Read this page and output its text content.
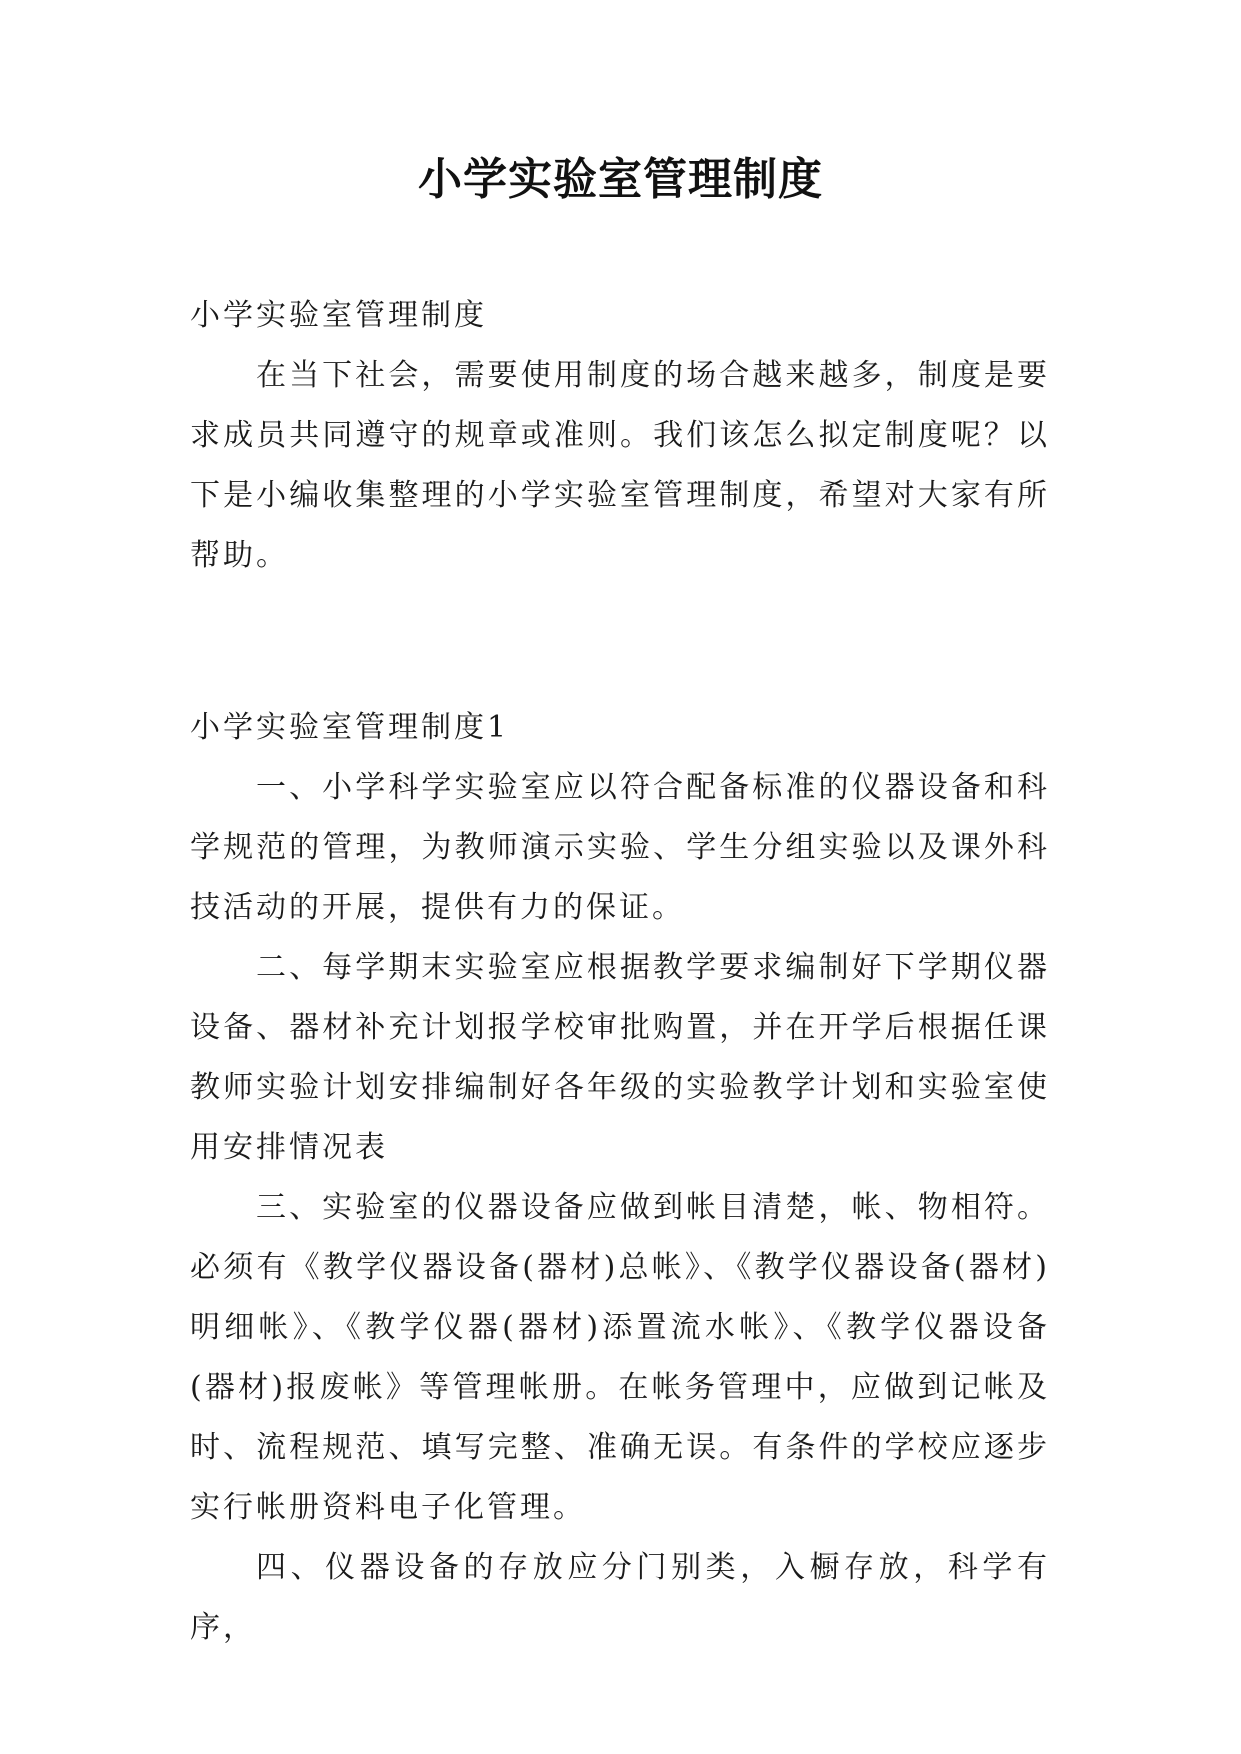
小学实验室管理制度

小学实验室管理制度

在当下社会，需要使用制度的场合越来越多，制度是要求成员共同遵守的规章或准则。我们该怎么拟定制度呢？以下是小编收集整理的小学实验室管理制度，希望对大家有所帮助。

小学实验室管理制度1

一、小学科学实验室应以符合配备标准的仪器设备和科学规范的管理，为教师演示实验、学生分组实验以及课外科技活动的开展，提供有力的保证。

二、每学期末实验室应根据教学要求编制好下学期仪器设备、器材补充计划报学校审批购置，并在开学后根据任课教师实验计划安排编制好各年级的实验教学计划和实验室使用安排情况表

三、实验室的仪器设备应做到帐目清楚，帐、物相符。必须有《教学仪器设备(器材)总帐》、《教学仪器设备(器材)明细帐》、《教学仪器(器材)添置流水帐》、《教学仪器设备(器材)报废帐》等管理帐册。在帐务管理中，应做到记帐及时、流程规范、填写完整、准确无误。有条件的学校应逐步实行帐册资料电子化管理。

四、仪器设备的存放应分门别类，入橱存放，科学有序，
